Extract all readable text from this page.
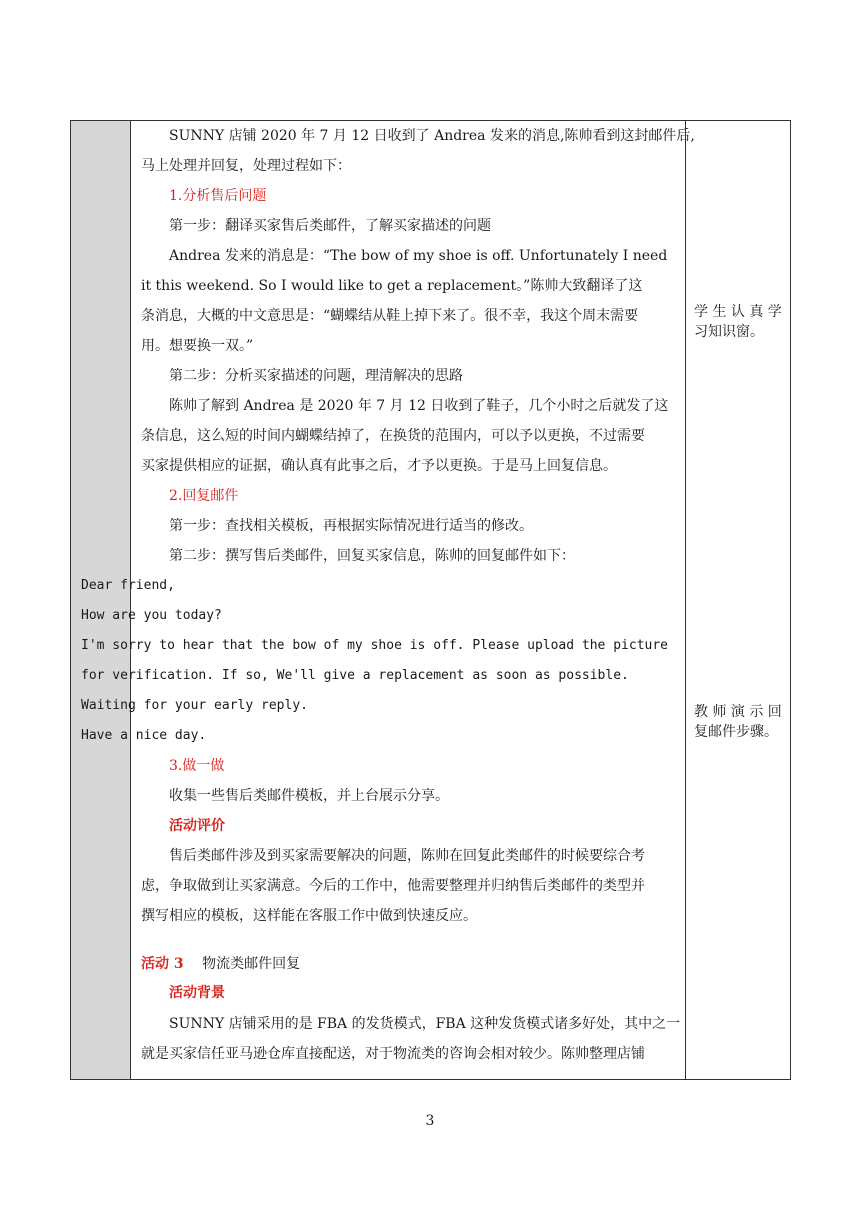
SUNNY 店铺 2020 年 7 月 12 日收到了 Andrea 发来的消息,陈帅看到这封邮件后,
马上处理并回复，处理过程如下：
1.分析售后问题
第一步：翻译买家售后类邮件，了解买家描述的问题
Andrea 发来的消息是：“The bow of my shoe is off. Unfortunately I need
it this weekend. So I would like to get a replacement。”陈帅大致翻译了这
条消息，大概的中文意思是：“蝴蝶结从鞋上掉下来了。很不幸，我这个周末需要
用。想要换一双。”
第二步：分析买家描述的问题，理清解决的思路
陈帅了解到 Andrea 是 2020 年 7 月 12 日收到了鞋子，几个小时之后就发了这
条信息，这么短的时间内蝴蝶结掉了，在换货的范围内，可以予以更换，不过需要
买家提供相应的证据，确认真有此事之后，才予以更换。于是马上回复信息。
2.回复邮件
第一步：查找相关模板，再根据实际情况进行适当的修改。
第二步：撰写售后类邮件，回复买家信息，陈帅的回复邮件如下：
Dear friend,
How are you today?
I'm sorry to hear that the bow of my shoe is off. Please upload the picture
for verification. If so, We'll give a replacement as soon as possible.
Waiting for your early reply.
Have a nice day.
3.做一做
收集一些售后类邮件模板，并上台展示分享。
活动评价
售后类邮件涉及到买家需要解决的问题，陈帅在回复此类邮件的时候要综合考
虑，争取做到让买家满意。今后的工作中，他需要整理并归纳售后类邮件的类型并
撰写相应的模板，这样能在客服工作中做到快速反应。
活动 3 物流类邮件回复
活动背景
SUNNY 店铺采用的是 FBA 的发货模式，FBA 这种发货模式诸多好处，其中之一
就是买家信任亚马逊仓库直接配送，对于物流类的咨询会相对较少。陈帅整理店铺
学 生 认 真 学
习知识窗。
教 师 演 示 回
复邮件步骤。
3
